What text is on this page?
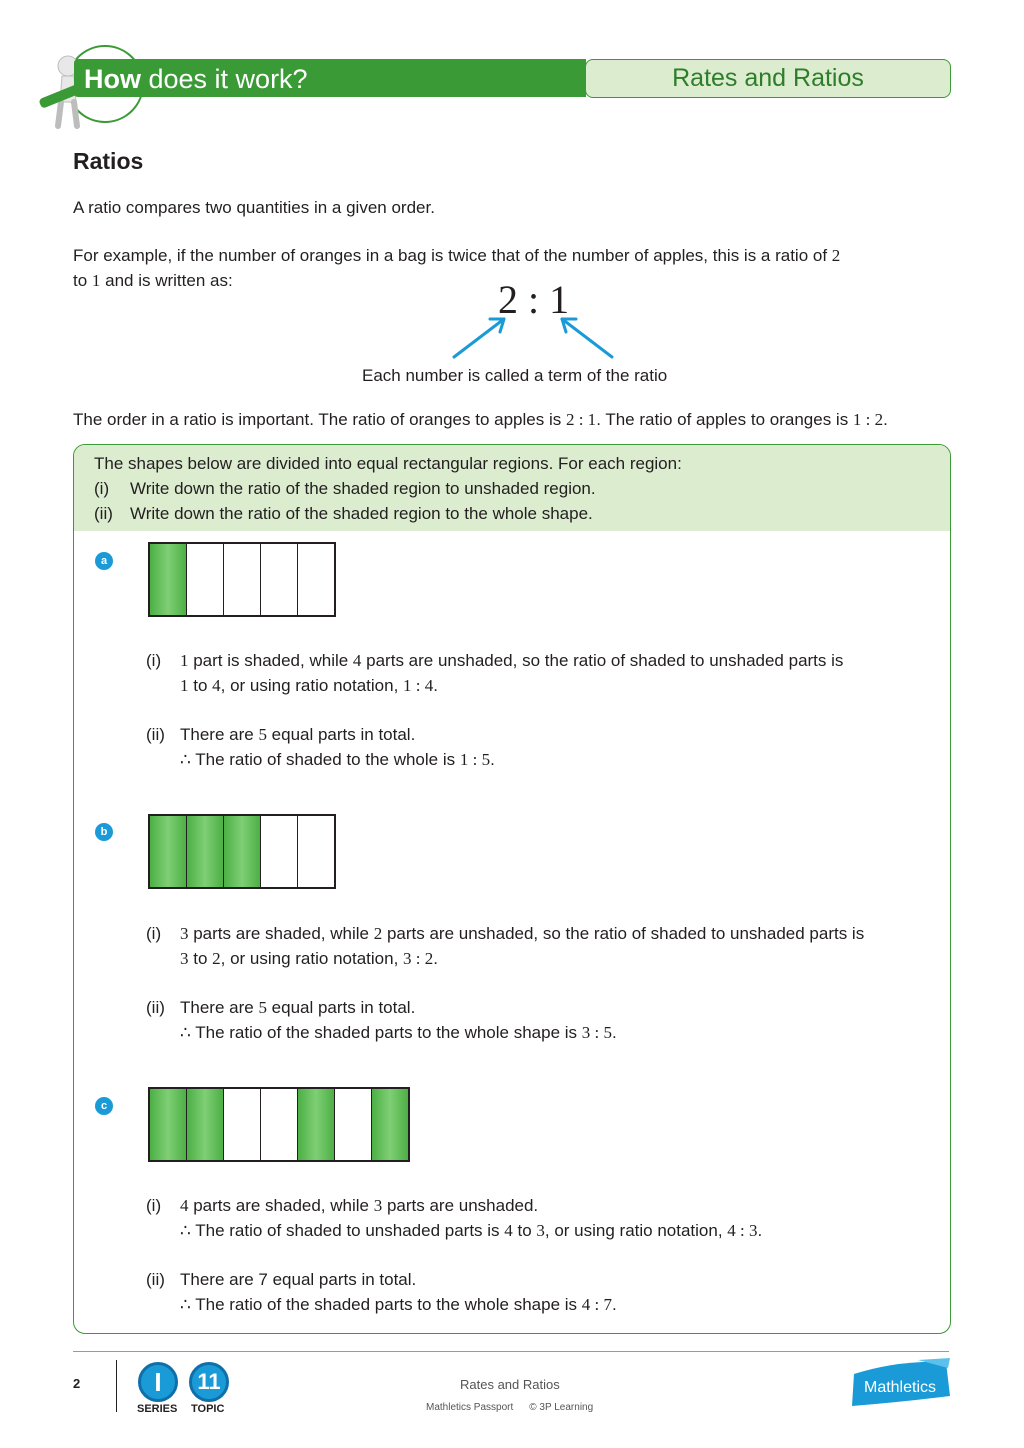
How does it work?	Rates and Ratios
Ratios
A ratio compares two quantities in a given order.
For example, if the number of oranges in a bag is twice that of the number of apples, this is a ratio of 2
to 1 and is written as:	2 : 1
Each number is called a term of the ratio
The order in a ratio is important. The ratio of oranges to apples is 2 : 1. The ratio of apples to oranges is 1 : 2.
The shapes below are divided into equal rectangular regions. For each region:
(i) Write down the ratio of the shaded region to unshaded region.
(ii) Write down the ratio of the shaded region to the whole shape.
a
(i) 1 part is shaded, while 4 parts are unshaded, so the ratio of shaded to unshaded parts is
1 to 4, or using ratio notation, 1 : 4.
(ii) There are 5 equal parts in total.
∴ The ratio of shaded to the whole is 1 : 5.
b
(i) 3 parts are shaded, while 2 parts are unshaded, so the ratio of shaded to unshaded parts is
3 to 2, or using ratio notation, 3 : 2.
(ii) There are 5 equal parts in total.
∴ The ratio of the shaded parts to the whole shape is 3 : 5.
c
(i) 4 parts are shaded, while 3 parts are unshaded.
∴ The ratio of shaded to unshaded parts is 4 to 3, or using ratio notation, 4 : 3.
(ii) There are 7 equal parts in total.
∴ The ratio of the shaded parts to the whole shape is 4 : 7.
2	I
SERIES
11
TOPIC
Rates and Ratios
Mathletics Passport © 3P Learning
Mathletics
